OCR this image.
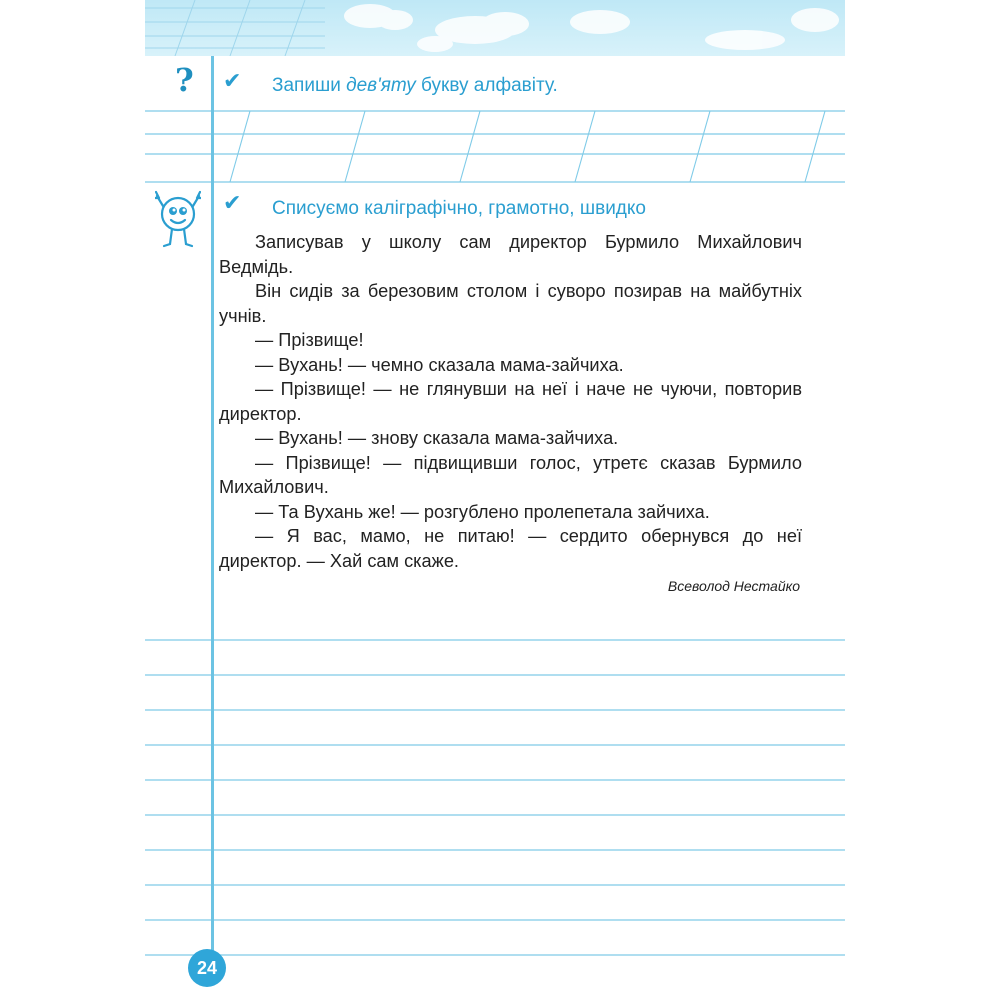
? ✔ Запиши дев'яту букву алфавіту.
✔ Списуємо каліграфічно, грамотно, швидко

Записував у школу сам директор Бурмило Михайлович Ведмідь.

Він сидів за березовим столом і суворо позирав на майбутніх учнів.

— Прізвище!

— Вухань! — чемно сказала мама-зайчиха.

— Прізвище! — не глянувши на неї і наче не чуючи, повторив директор.

— Вухань! — знову сказала мама-зайчиха.

— Прізвище! — підвищивши голос, утретє сказав Бурмило Михайлович.

— Та Вухань же! — розгублено пролепетала зайчиха.

— Я вас, мамо, не питаю! — сердито обернувся до неї директор. — Хай сам скаже.

Всеволод Нестайко
24
